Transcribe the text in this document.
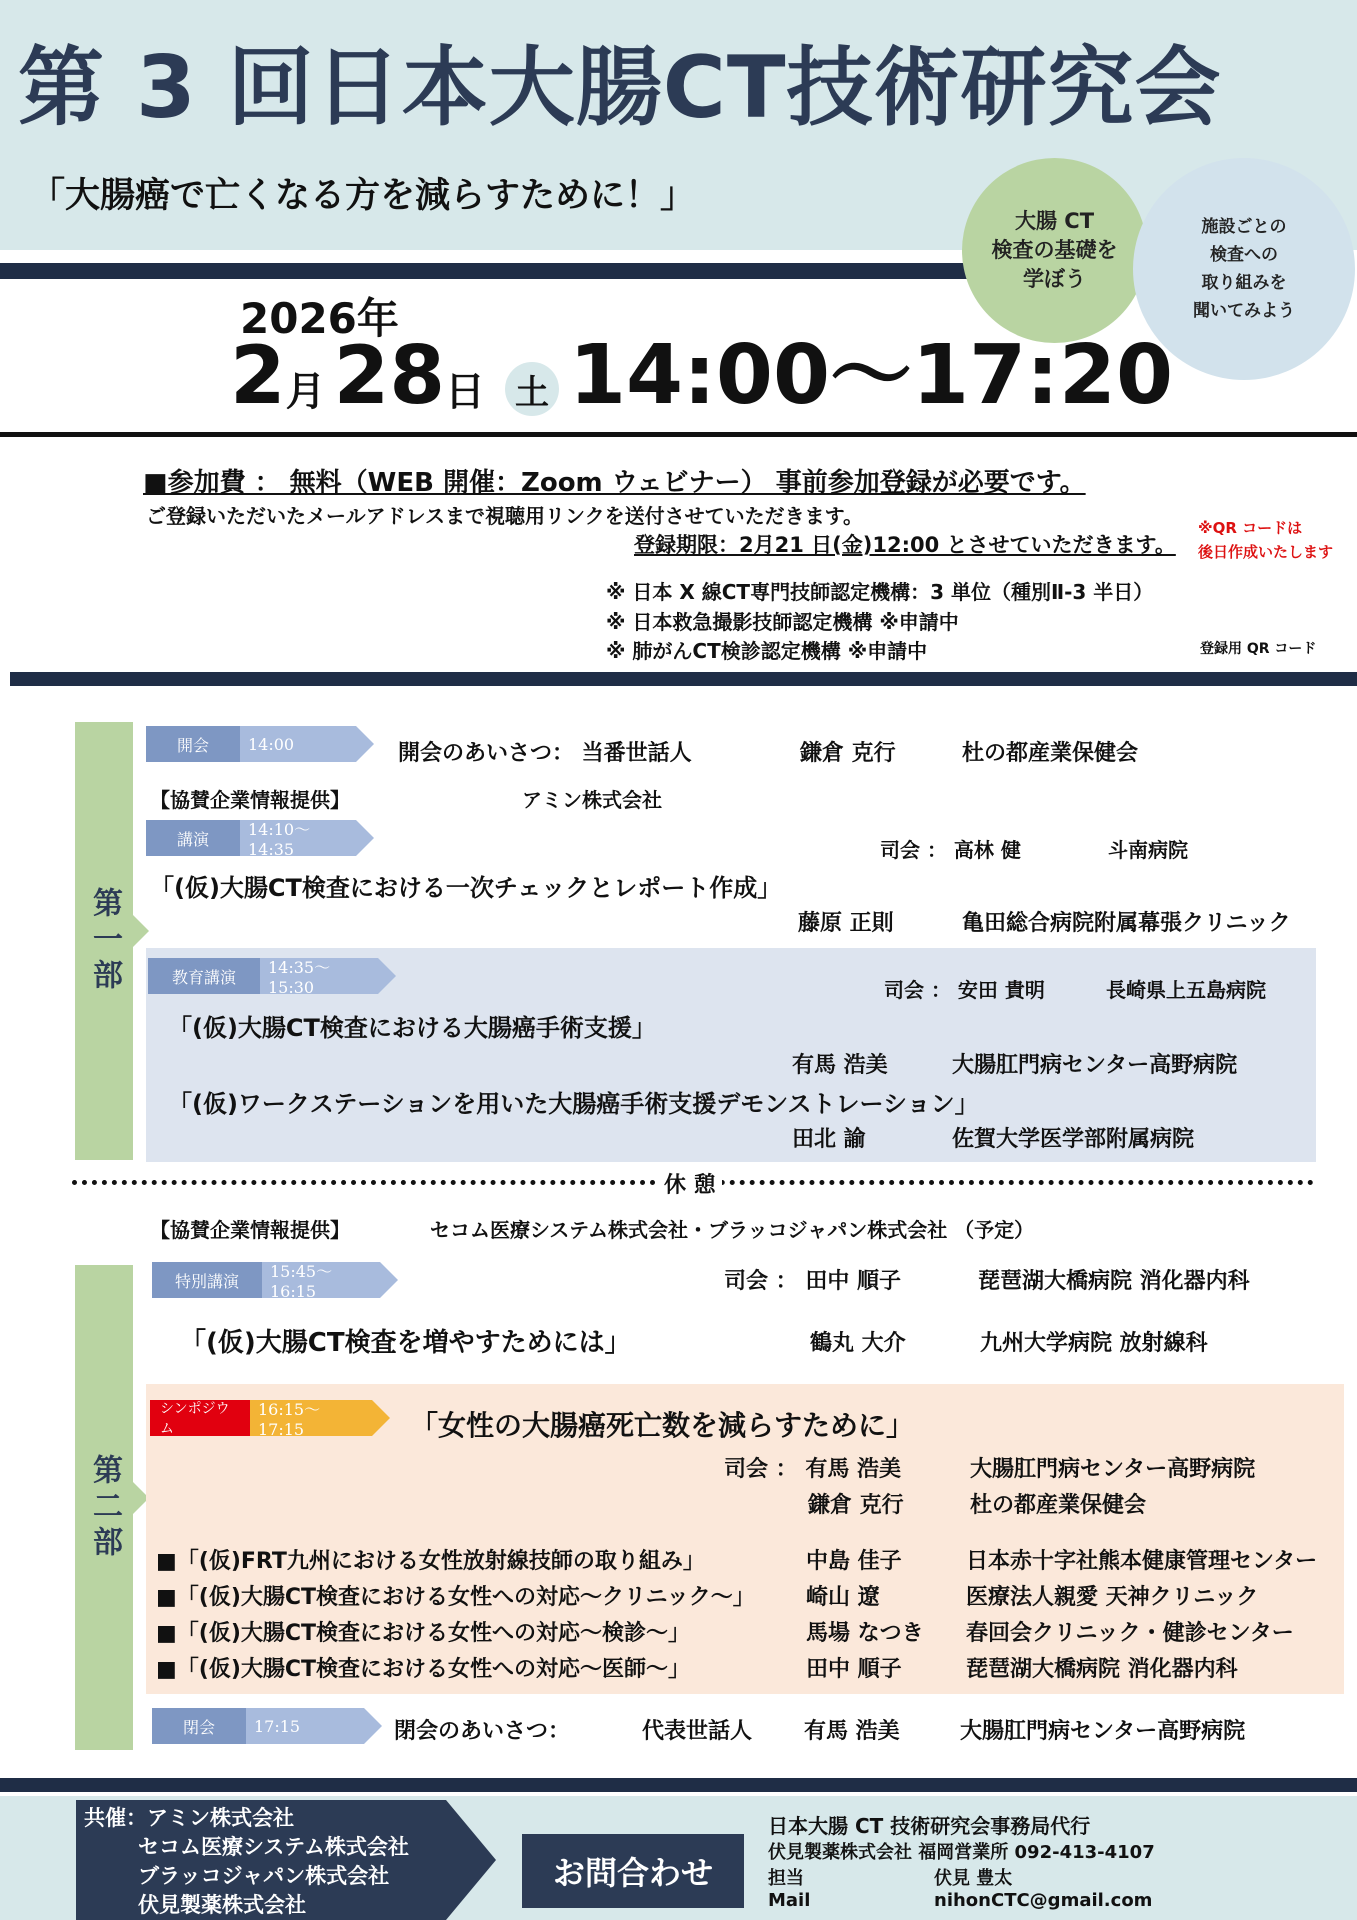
第 3 回日本大腸CT技術研究会
「大腸癌で亡くなる方を減らすために！」
大腸 CT
検査の基礎を
学ぼう
施設ごとの
検査への
取り組みを
聞いてみよう
2026年
2 月 28 日 土 14:00～17:20
■参加費 ： 無料（WEB 開催：Zoom ウェビナー） 事前参加登録が必要です。
ご登録いただいたメールアドレスまで視聴用リンクを送付させていただきます。
登録期限：2月21 日(金)12:00 とさせていただきます。
※QR コードは
後日作成いたします
※ 日本 X 線CT専門技師認定機構：3 単位（種別Ⅱ-3 半日）
※ 日本救急撮影技師認定機構 ※申請中
※ 肺がんCT検診認定機構 ※申請中	登録用 QR コード
第一部
開会	14:00	開会のあいさつ： 当番世話人	鎌倉 克行	杜の都産業保健会
【協賛企業情報提供】	アミン株式会社
講演	14:10～14:35	司会 ： 高林 健	斗南病院
「(仮)大腸CT検査における一次チェックとレポート作成」
藤原 正則	亀田総合病院附属幕張クリニック
教育講演	14:35～15:30	司会 ： 安田 貴明	長崎県上五島病院
「(仮)大腸CT検査における大腸癌手術支援」
有馬 浩美	大腸肛門病センター高野病院
「(仮)ワークステーションを用いた大腸癌手術支援デモンストレーション」
田北 諭	佐賀大学医学部附属病院
休 憩
【協賛企業情報提供】	セコム医療システム株式会社・ブラッコジャパン株式会社 （予定）
第二部
特別講演	15:45～16:15	司会 ： 田中 順子	琵琶湖大橋病院 消化器内科
「(仮)大腸CT検査を増やすためには」	鶴丸 大介	九州大学病院 放射線科
シンポジウム
16:15～17:15	「女性の大腸癌死亡数を減らすために」
司会 ： 有馬 浩美	大腸肛門病センター高野病院
鎌倉 克行	杜の都産業保健会
■「(仮)FRT九州における女性放射線技師の取り組み」	中島 佳子	日本赤十字社熊本健康管理センター
■「(仮)大腸CT検査における女性への対応～クリニック～」 崎山 遼	医療法人親愛 天神クリニック
■「(仮)大腸CT検査における女性への対応～検診～」	馬場 なつき 春回会クリニック・健診センター
■「(仮)大腸CT検査における女性への対応～医師～」	田中 順子	琵琶湖大橋病院 消化器内科
閉会	17:15	閉会のあいさつ：	代表世話人 有馬 浩美	大腸肛門病センター高野病院
共催：アミン株式会社
セコム医療システム株式会社
ブラッコジャパン株式会社
伏見製薬株式会社
お問合わせ
日本大腸 CT 技術研究会事務局代行
伏見製薬株式会社 福岡営業所 092-413-4107
担当	伏見 豊太
Mail	nihonCTC@gmail.com
